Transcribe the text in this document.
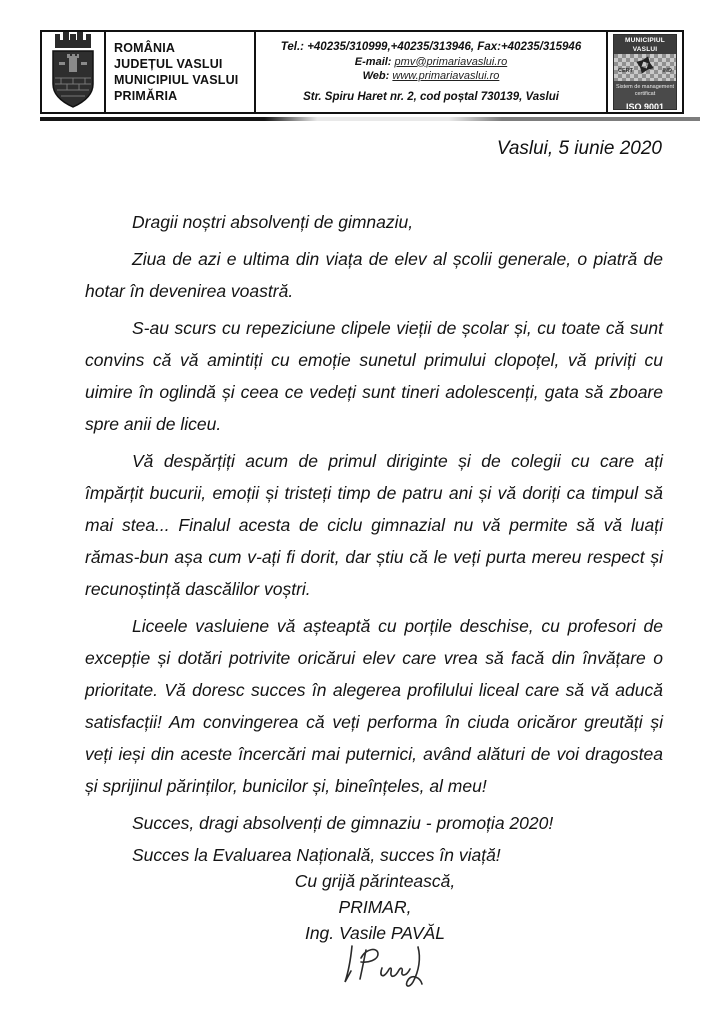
ROMÂNIA
JUDEȚUL VASLUI
MUNICIPIUL VASLUI
PRIMĂRIA
Tel.: +40235/310999,+40235/313946, Fax:+40235/315946
E-mail: pmv@primariavaslui.ro
Web: www.primariavaslui.ro
Str. Spiru Haret nr. 2, cod poștal 730139, Vaslui
MUNICIPIUL VASLUI
CERT	IND
Sistem de management
certificat
ISO 9001
Vaslui, 5 iunie 2020

Dragii noștri absolvenți de gimnaziu,

Ziua de azi e ultima din viața de elev al școlii generale, o piatră de hotar în devenirea voastră.

S-au scurs cu repeziciune clipele vieții de școlar și, cu toate că sunt convins că vă amintiți cu emoție sunetul primului clopoțel, vă priviți cu uimire în oglindă și ceea ce vedeți sunt tineri adolescenți, gata să zboare spre anii de liceu.

Vă despărțiți acum de primul diriginte și de colegii cu care ați împărțit bucurii, emoții și tristeți timp de patru ani și vă doriți ca timpul să mai stea... Finalul acesta de ciclu gimnazial nu vă permite să vă luați rămas-bun așa cum v-ați fi dorit, dar știu că le veți purta mereu respect și recunoștință dascălilor voștri.

Liceele vasluiene vă așteaptă cu porțile deschise, cu profesori de excepție și dotări potrivite oricărui elev care vrea să facă din învățare o prioritate. Vă doresc succes în alegerea profilului liceal care să vă aducă satisfacții! Am convingerea că veți performa în ciuda oricăror greutăți și veți ieși din aceste încercări mai puternici, având alături de voi dragostea și sprijinul părinților, bunicilor și, bineînțeles, al meu!

Succes, dragi absolvenți de gimnaziu - promoția 2020!

Succes la Evaluarea Națională, succes în viață!

Cu grijă părintească,
PRIMAR,
Ing. Vasile PAVĂL
